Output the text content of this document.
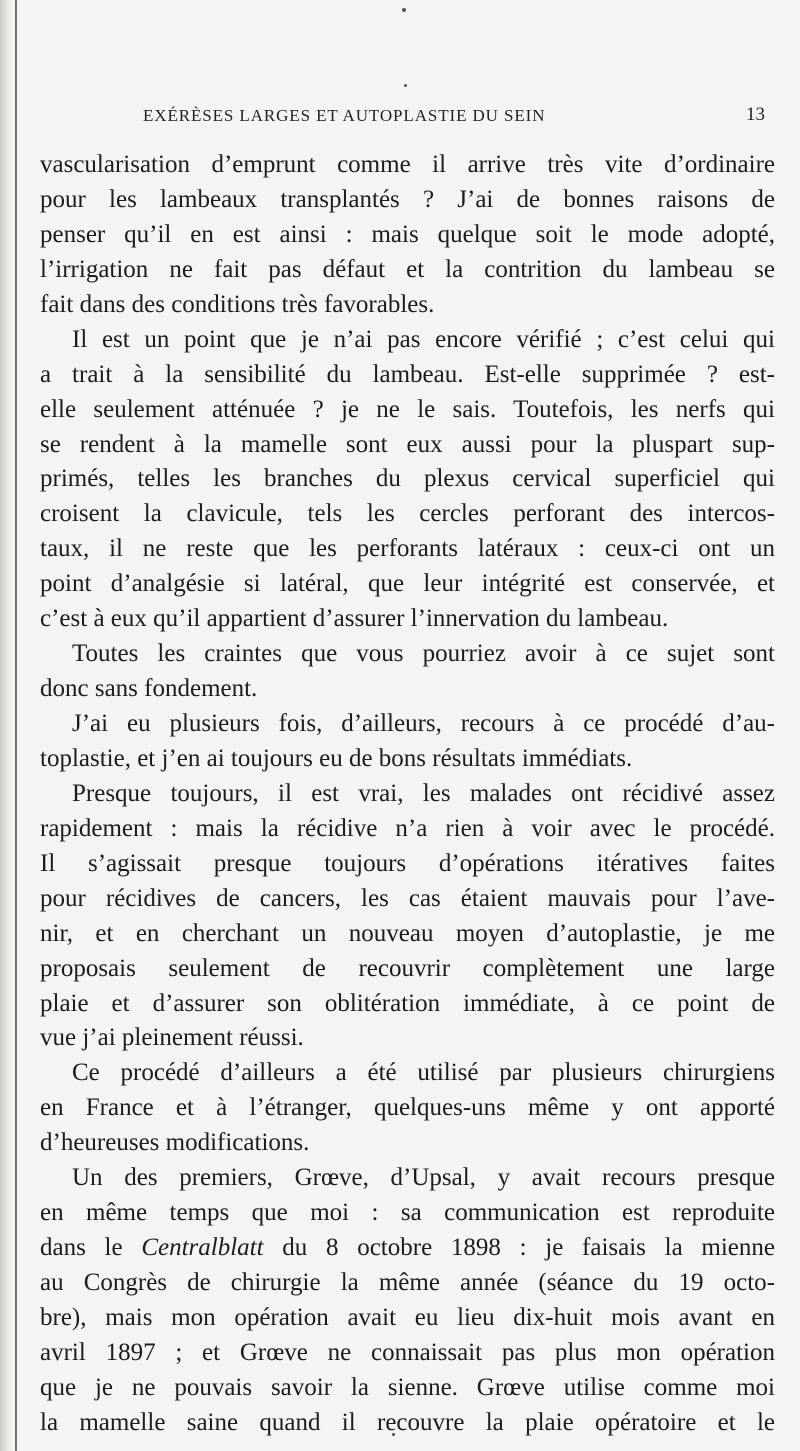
EXÉRÈSES LARGES ET AUTOPLASTIE DU SEIN	13
vascularisation d’emprunt comme il arrive très vite d’ordinaire
pour les lambeaux transplantés ? J’ai de bonnes raisons de
penser qu’il en est ainsi : mais quelque soit le mode adopté,
l’irrigation ne fait pas défaut et la contrition du lambeau se
fait dans des conditions très favorables.
Il est un point que je n’ai pas encore vérifié ; c’est celui qui
a trait à la sensibilité du lambeau. Est-elle supprimée ? est-
elle seulement atténuée ? je ne le sais. Toutefois, les nerfs qui
se rendent à la mamelle sont eux aussi pour la pluspart sup-
primés, telles les branches du plexus cervical superficiel qui
croisent la clavicule, tels les cercles perforant des intercos-
taux, il ne reste que les perforants latéraux : ceux-ci ont un
point d’analgésie si latéral, que leur intégrité est conservée, et
c’est à eux qu’il appartient d’assurer l’innervation du lambeau.
Toutes les craintes que vous pourriez avoir à ce sujet sont
donc sans fondement.
J’ai eu plusieurs fois, d’ailleurs, recours à ce procédé d’au-
toplastie, et j’en ai toujours eu de bons résultats immédiats.
Presque toujours, il est vrai, les malades ont récidivé assez
rapidement : mais la récidive n’a rien à voir avec le procédé.
Il s’agissait presque toujours d’opérations itératives faites
pour récidives de cancers, les cas étaient mauvais pour l’ave-
nir, et en cherchant un nouveau moyen d’autoplastie, je me
proposais seulement de recouvrir complètement une large
plaie et d’assurer son oblitération immédiate, à ce point de
vue j’ai pleinement réussi.
Ce procédé d’ailleurs a été utilisé par plusieurs chirurgiens
en France et à l’étranger, quelques-uns même y ont apporté
d’heureuses modifications.
Un des premiers, Grœve, d’Upsal, y avait recours presque
en même temps que moi : sa communication est reproduite
dans le Centralblatt du 8 octobre 1898 : je faisais la mienne
au Congrès de chirurgie la même année (séance du 19 octo-
bre), mais mon opération avait eu lieu dix-huit mois avant en
avril 1897 ; et Grœve ne connaissait pas plus mon opération
que je ne pouvais savoir la sienne. Grœve utilise comme moi
la mamelle saine quand il recouvre la plaie opératoire et le
